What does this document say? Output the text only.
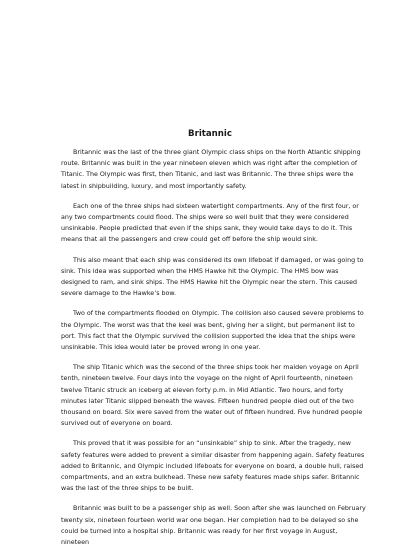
Britannic

Britannic was the last of the three giant Olympic class ships on the North Atlantic shipping route. Britannic was built in the year nineteen eleven which was right after the completion of Titanic. The Olympic was first, then Titanic, and last was Britannic. The three ships were the latest in shipbuilding, luxury, and most importantly safety.

Each one of the three ships had sixteen watertight compartments. Any of the first four, or any two compartments could flood. The ships were so well built that they were considered unsinkable. People predicted that even if the ships sank, they would take days to do it. This means that all the passengers and crew could get off before the ship would sink.

This also meant that each ship was considered its own lifeboat if damaged, or was going to sink. This idea was supported when the HMS Hawke hit the Olympic. The HMS bow was designed to ram, and sink ships. The HMS Hawke hit the Olympic near the stern. This caused severe damage to the Hawke’s bow.

Two of the compartments flooded on Olympic. The collision also caused severe problems to the Olympic. The worst was that the keel was bent, giving her a slight, but permanent list to port. This fact that the Olympic survived the collision supported the idea that the ships were unsinkable. This idea would later be proved wrong in one year.

The ship Titanic which was the second of the three ships took her maiden voyage on April tenth, nineteen twelve. Four days into the voyage on the night of April fourteenth, nineteen twelve Titanic struck an iceberg at eleven forty p.m. in Mid Atlantic. Two hours, and forty minutes later Titanic slipped beneath the waves. Fifteen hundred people died out of the two thousand on board. Six were saved from the water out of fifteen hundred. Five hundred people survived out of everyone on board.

This proved that it was possible for an “unsinkable” ship to sink. After the tragedy, new safety features were added to prevent a similar disaster from happening again. Safety features added to Britannic, and Olympic included lifeboats for everyone on board, a double hull, raised compartments, and an extra bulkhead. These new safety features made ships safer. Britannic was the last of the three ships to be built.

Britannic was built to be a passenger ship as well. Soon after she was launched on February twenty six, nineteen fourteen world war one began. Her completion had to be delayed so she could be turned into a hospital ship. Britannic was ready for her first voyage in August, nineteen
